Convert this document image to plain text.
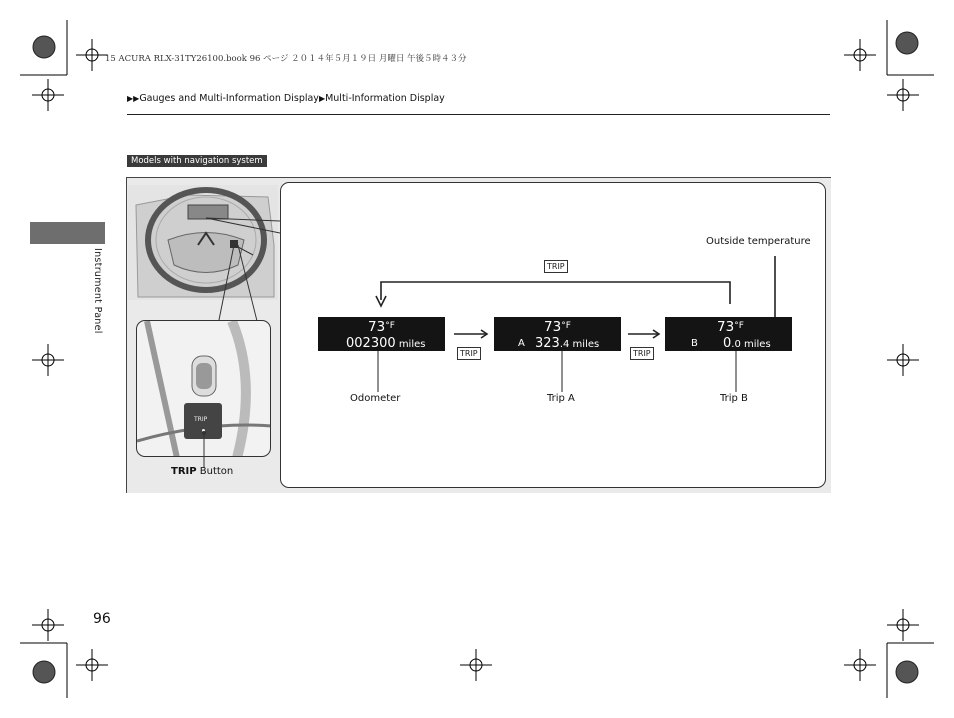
15 ACURA RLX-31TY26100.book 96 ページ ２０１４年５月１９日 月曜日 午後５時４３分
▶▶Gauges and Multi-Information Display▶Multi-Information Display
Instrument Panel
Models with navigation system
TRIP
TRIP Button
TRIP
TRIP	TRIP
Outside temperature
$73^{^\circ F}$
002300 miles
Odometer
$73^{^\circ F}$
A 323.4 miles
Trip A
$73^{^\circ F}$
B 0.0 miles
Trip B
96
